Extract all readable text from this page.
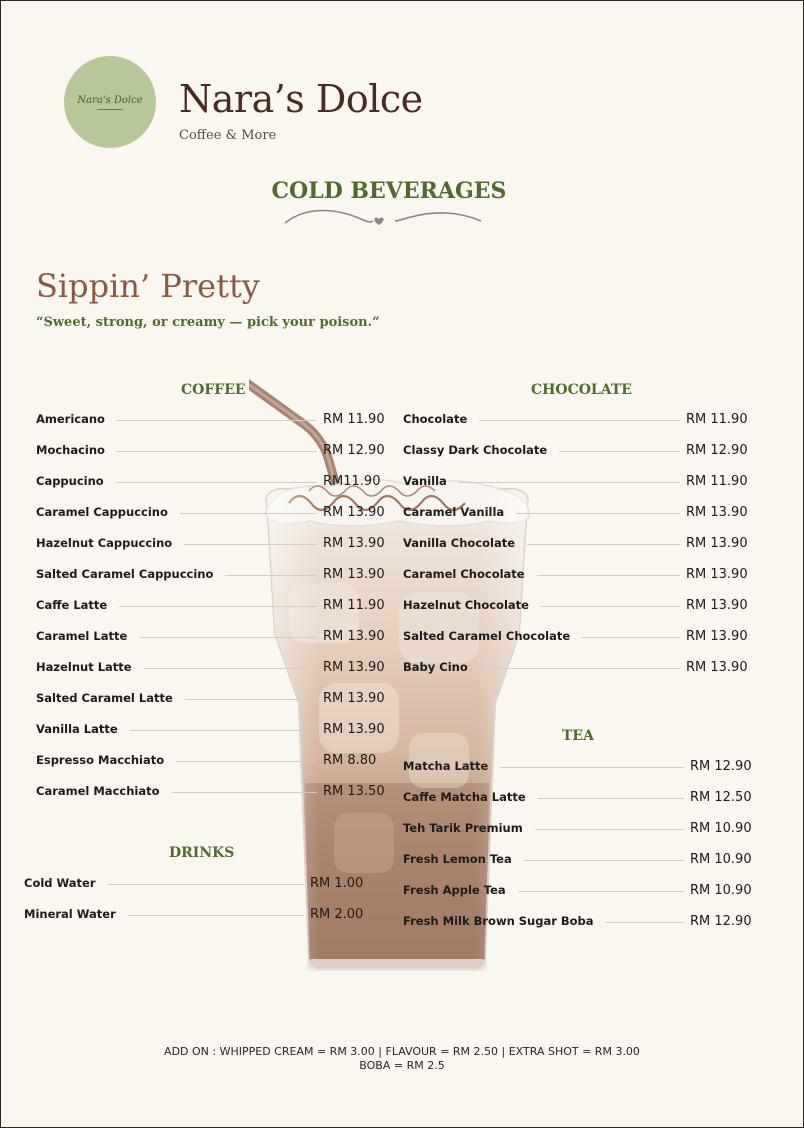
Nara's Dolce Nara’s Dolce
Coffee & More
COLD BEVERAGES
Sippin’ Pretty
“Sweet, strong, or creamy — pick your poison.”
COFFEE	CHOCOLATE
TEA
DRINKS
Americano	RM 11.90
Mochacino	RM 12.90
Cappucino	RM11.90
Caramel Cappuccino	RM 13.90
Hazelnut Cappuccino	RM 13.90
Salted Caramel Cappuccino	RM 13.90
Caffe Latte	RM 11.90
Caramel Latte	RM 13.90
Hazelnut Latte	RM 13.90
Salted Caramel Latte	RM 13.90
Vanilla Latte	RM 13.90
Espresso Macchiato	RM 8.80
Caramel Macchiato	RM 13.50
Chocolate	RM 11.90
Classy Dark Chocolate	RM 12.90
Vanilla	RM 11.90
Caramel Vanilla	RM 13.90
Vanilla Chocolate	RM 13.90
Caramel Chocolate	RM 13.90
Hazelnut Chocolate	RM 13.90
Salted Caramel Chocolate	RM 13.90
Baby Cino	RM 13.90
Matcha Latte	RM 12.90
Caffe Matcha Latte	RM 12.50
Teh Tarik Premium	RM 10.90
Fresh Lemon Tea	RM 10.90
Fresh Apple Tea	RM 10.90
Fresh Milk Brown Sugar Boba	RM 12.90
Cold Water	RM 1.00
Mineral Water	RM 2.00
ADD ON : WHIPPED CREAM = RM 3.00 | FLAVOUR = RM 2.50 | EXTRA SHOT = RM 3.00
BOBA = RM 2.5
